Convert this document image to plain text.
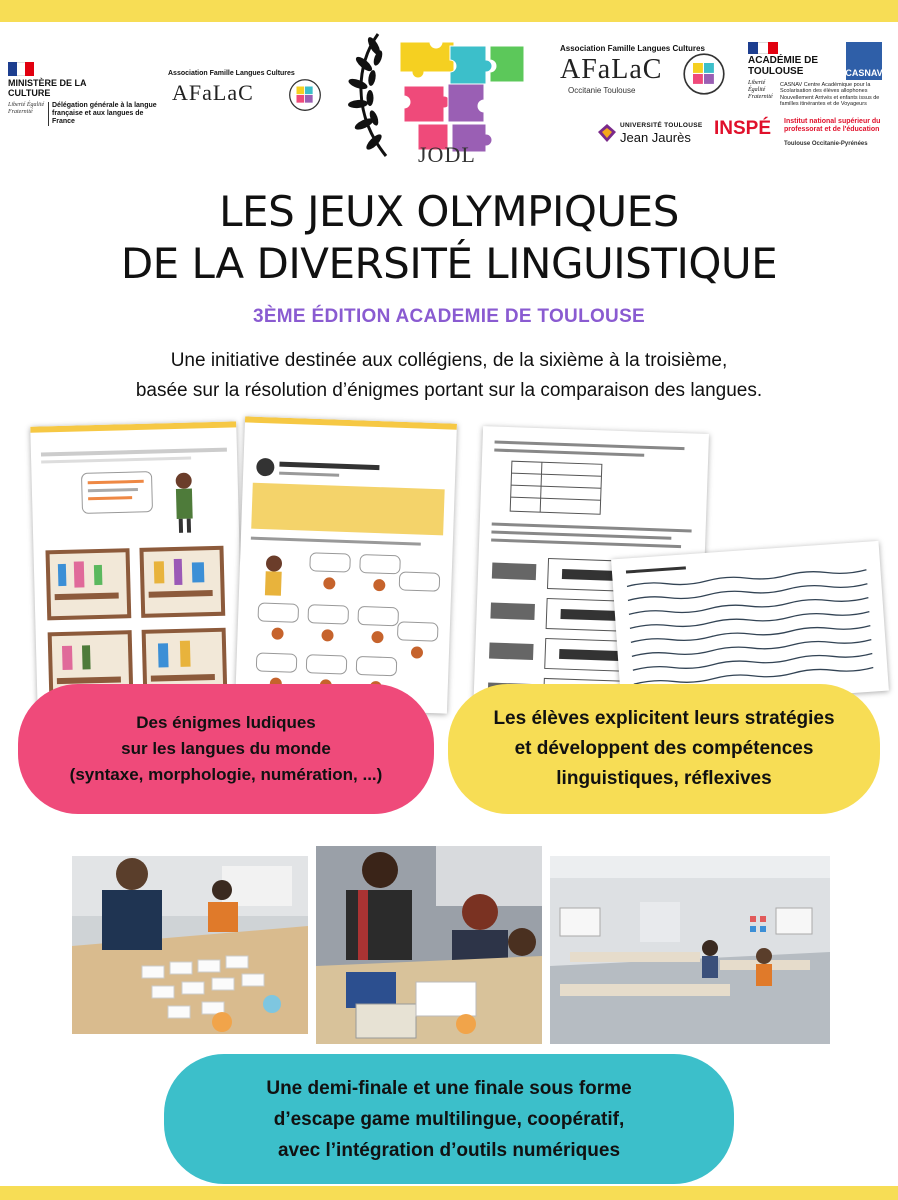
MINISTÈRE DE LA CULTURE
Liberté Égalité Fraternité
Délégation générale à la langue française et aux langues de France
Association Famille Langues Cultures
AFaLaC
JODL
Association Famille Langues Cultures
AFaLaC
Occitanie Toulouse
ACADÉMIE DE TOULOUSE
Liberté Égalité Fraternité
CASNAV
CASNAV Centre Académique pour la Scolarisation des élèves allophones Nouvellement Arrivés et enfants issus de familles itinérantes et de Voyageurs
UNIVERSITÉ TOULOUSE
Jean Jaurès INSPÉ Institut national supérieur du professorat et de l'éducation
Toulouse Occitanie-Pyrénées
LES JEUX OLYMPIQUES
DE LA DIVERSITÉ LINGUISTIQUE
3ÈME ÉDITION ACADEMIE DE TOULOUSE
Une initiative destinée aux collégiens, de la sixième à la troisième,
basée sur la résolution d’énigmes portant sur la comparaison des langues.
Des énigmes ludiques
sur les langues du monde
(syntaxe, morphologie, numération, ...)
Les élèves explicitent leurs stratégies
et développent des compétences
linguistiques, réflexives
Une demi-finale et une finale sous forme
d’escape game multilingue, coopératif,
avec l’intégration d’outils numériques
